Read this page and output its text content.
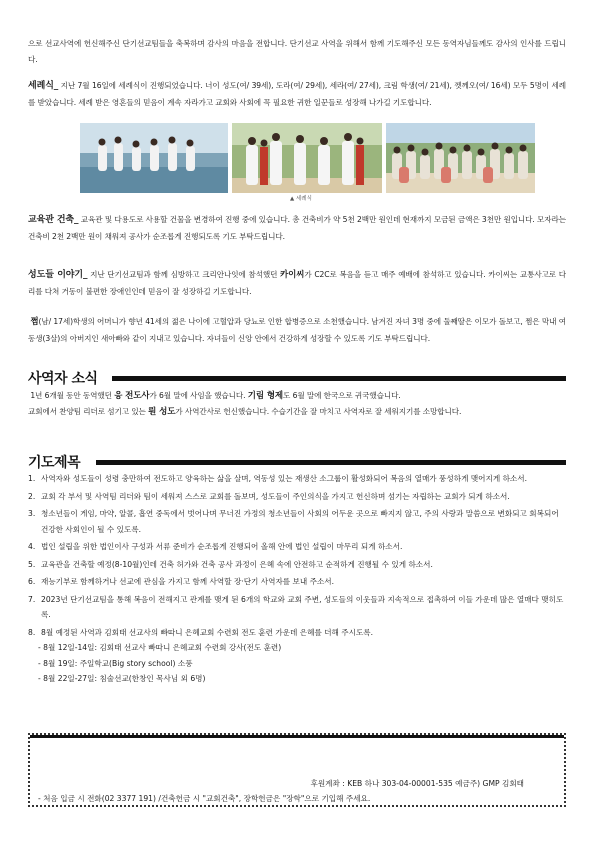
으로 선교사역에 헌신해주신 단기선교팀들을 축복하며 감사의 마음을 전합니다. 단기선교 사역을 위해서 함께 기도해주신 모든 동역자님들께도 감사의 인사를 드립니다.

세례식_ 지난 7월 16일에 세례식이 진행되었습니다. 너이 성도(여/ 39세), 도라(여/ 29세), 세라(여/ 27세), 크림 학생(여/ 21세), 껫께오(여/ 16세) 모두 5명이 세례를 받았습니다. 세례 받은 영혼들의 믿음이 계속 자라가고 교회와 사회에 꼭 필요한 귀한 일꾼들로 성장해 나가길 기도합니다.

▲ 세례식

교육관 건축_ 교육관 및 다용도로 사용할 건물을 변경하여 진행 중에 있습니다. 총 건축비가 약 5천 2백만 원인데 현재까지 모금된 금액은 3천만 원입니다. 모자라는 건축비 2천 2백만 원이 채워져 공사가 순조롭게 진행되도록 기도 부탁드립니다.

성도들 이야기_ 지난 단기선교팀과 함께 심방하고 크리안나잇에 참석했던 카이씨가 C2C로 복음을 듣고 매주 예배에 참석하고 있습니다. 카이씨는 교통사고로 다리를 다쳐 거동이 불편한 장애인인데 믿음이 잘 성장하길 기도합니다.

쩜(남/ 17세)학생의 어머니가 향년 41세의 젊은 나이에 고혈압과 당뇨로 인한 합병증으로 소천했습니다. 남겨진 자녀 3명 중에 둘째딸은 이모가 돌보고, 쩜은 막내 여동생(3살)의 아버지인 새아빠와 같이 지내고 있습니다. 자녀들이 신앙 안에서 건강하게 성장할 수 있도록 기도 부탁드립니다.

사역자 소식

1년 6개월 동안 동역했던 응 전도사가 6월 말에 사임을 했습니다. 기림 형제도 6월 말에 한국으로 귀국했습니다.

교회에서 찬양팀 리더로 섬기고 있는 뤈 성도가 사역간사로 헌신했습니다. 수습기간을 잘 마치고 사역자로 잘 세워지기를 소망합니다.

기도제목
1. 사역자와 성도들이 성령 충만하여 전도하고 양육하는 삶을 살며, 역동성 있는 재생산 소그룹이 활성화되어 복음의 열매가 풍성하게 맺어지게 하소서.
2. 교회 각 부서 및 사역팀 리더와 팀이 세워져 스스로 교회를 돌보며, 성도들이 주인의식을 가지고 헌신하며 섬기는 자립하는 교회가 되게 하소서.
3. 청소년들이 게임, 마약, 알콜, 흡연 중독에서 벗어나며 무너진 가정의 청소년들이 사회의 어두운 곳으로 빠지지 않고, 주의 사랑과 말씀으로 변화되고 회복되어 건강한 사회인이 될 수 있도록.
4. 법인 설립을 위한 법인이사 구성과 서류 준비가 순조롭게 진행되어 올해 안에 법인 설립이 마무리 되게 하소서.
5. 교육관을 건축할 예정(8-10월)인데 건축 허가와 건축 공사 과정이 은혜 속에 안전하고 순적하게 진행될 수 있게 하소서.
6. 재능기부로 함께하거나 선교에 관심을 가지고 함께 사역할 장·단기 사역자를 보내 주소서.
7. 2023년 단기선교팀을 통해 복음이 전해지고 관계를 맺게 된 6개의 학교와 교회 주변, 성도들의 이웃들과 지속적으로 접촉하여 이들 가운데 많은 열매다 맺히도록.
8. 8월 예정된 사역과 김회태 선교사의 빠따니 은혜교회 수련회 전도 훈련 가운데 은혜를 더해 주시도록.
- 8월 12일-14일: 김회태 선교사 빠따니 은혜교회 수련회 강사(전도 훈련)
- 8월 19일: 주일학교(Big story school) 소풍
- 8월 22일-27일: 침술선교(한창인 목사님 외 6명)
후원계좌 : KEB 하나 303-04-00001-535 예금주) GMP 김회태
- 처음 입금 시 전화(02 3377 191) /건축헌금 시 "교회건축", 장학헌금은 "장학"으로 기입해 주세요.
